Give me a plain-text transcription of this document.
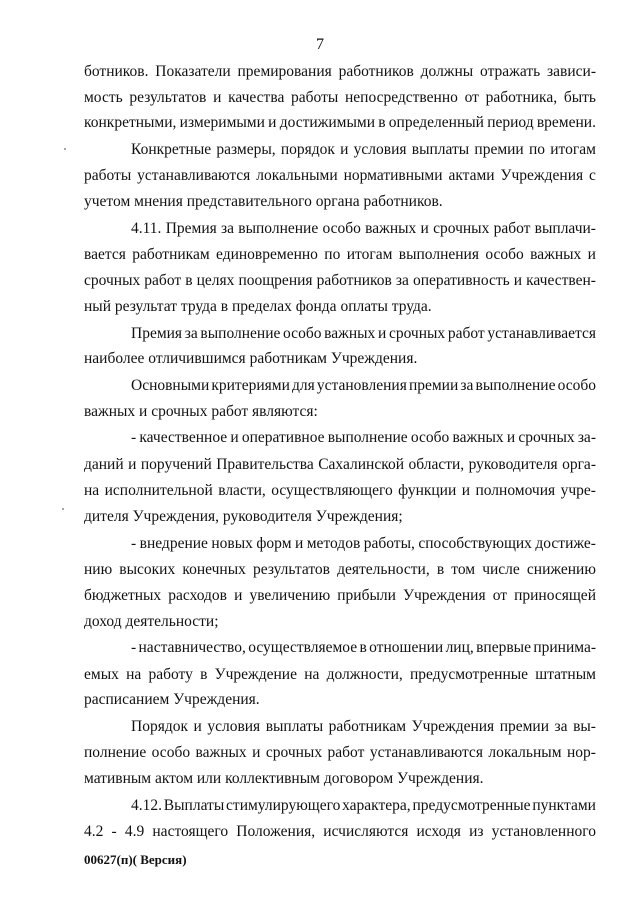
7
ботников. Показатели премирования работников должны отражать зависи-
мость результатов и качества работы непосредственно от работника, быть
конкретными, измеримыми и достижимыми в определенный период времени.
Конкретные размеры, порядок и условия выплаты премии по итогам
работы устанавливаются локальными нормативными актами Учреждения с
учетом мнения представительного органа работников.
4.11. Премия за выполнение особо важных и срочных работ выплачи-
вается работникам единовременно по итогам выполнения особо важных и
срочных работ в целях поощрения работников за оперативность и качествен-
ный результат труда в пределах фонда оплаты труда.
Премия за выполнение особо важных и срочных работ устанавливается
наиболее отличившимся работникам Учреждения.
Основными критериями для установления премии за выполнение особо
важных и срочных работ являются:
- качественное и оперативное выполнение особо важных и срочных за-
даний и поручений Правительства Сахалинской области, руководителя орга-
на исполнительной власти, осуществляющего функции и полномочия учре-
дителя Учреждения, руководителя Учреждения;
- внедрение новых форм и методов работы, способствующих достиже-
нию высоких конечных результатов деятельности, в том числе снижению
бюджетных расходов и увеличению прибыли Учреждения от приносящей
доход деятельности;
- наставничество, осуществляемое в отношении лиц, впервые принима-
емых на работу в Учреждение на должности, предусмотренные штатным
расписанием Учреждения.
Порядок и условия выплаты работникам Учреждения премии за вы-
полнение особо важных и срочных работ устанавливаются локальным нор-
мативным актом или коллективным договором Учреждения.
4.12. Выплаты стимулирующего характера, предусмотренные пунктами
4.2 - 4.9 настоящего Положения, исчисляются исходя из установленного
00627(п)( Версия)
